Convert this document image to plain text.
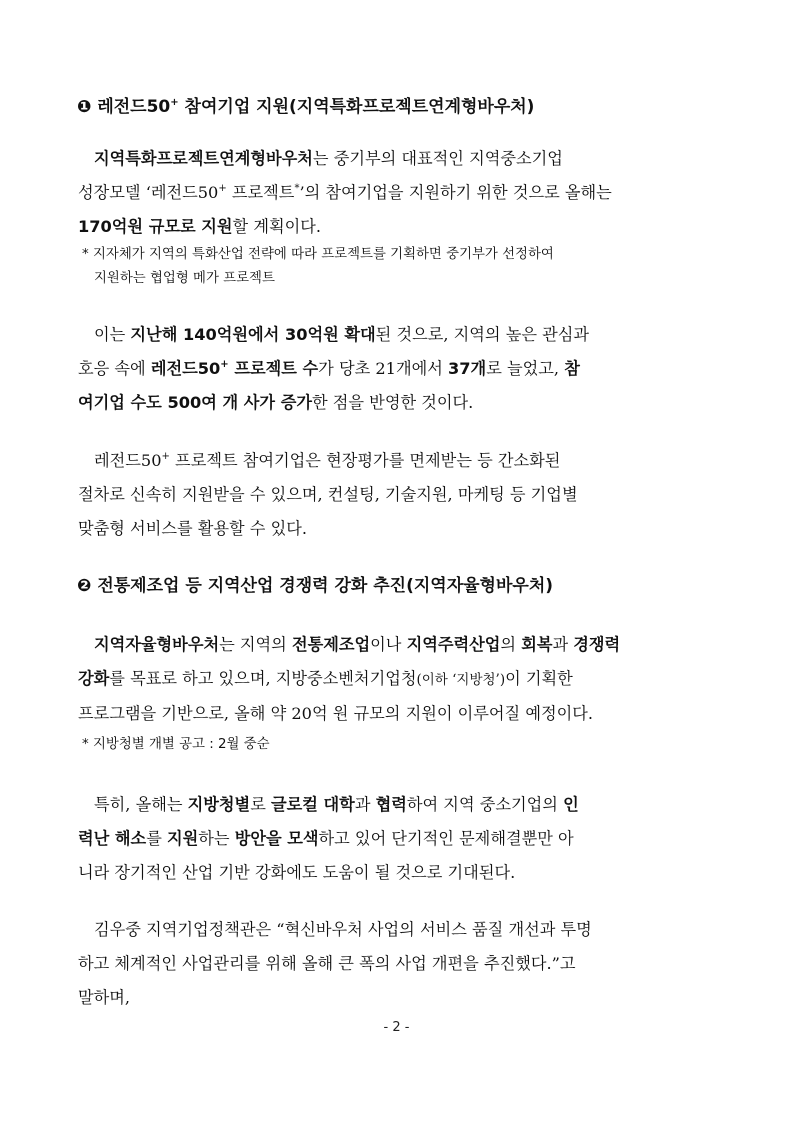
❶ 레전드50+ 참여기업 지원(지역특화프로젝트연계형바우처)
지역특화프로젝트연계형바우처는 중기부의 대표적인 지역중소기업
성장모델 ‘레전드50+ 프로젝트*’의 참여기업을 지원하기 위한 것으로 올해는
170억원 규모로 지원할 계획이다.
* 지자체가 지역의 특화산업 전략에 따라 프로젝트를 기획하면 중기부가 선정하여
지원하는 협업형 메가 프로젝트
이는 지난해 140억원에서 30억원 확대된 것으로, 지역의 높은 관심과
호응 속에 레전드50+ 프로젝트 수가 당초 21개에서 37개로 늘었고, 참
여기업 수도 500여 개 사가 증가한 점을 반영한 것이다.
레전드50+ 프로젝트 참여기업은 현장평가를 면제받는 등 간소화된
절차로 신속히 지원받을 수 있으며, 컨설팅, 기술지원, 마케팅 등 기업별
맞춤형 서비스를 활용할 수 있다.
❷ 전통제조업 등 지역산업 경쟁력 강화 추진(지역자율형바우처)
지역자율형바우처는 지역의 전통제조업이나 지역주력산업의 회복과 경쟁력
강화를 목표로 하고 있으며, 지방중소벤처기업청(이하 ‘지방청’)이 기획한
프로그램을 기반으로, 올해 약 20억 원 규모의 지원이 이루어질 예정이다.
* 지방청별 개별 공고 : 2월 중순
특히, 올해는 지방청별로 글로컬 대학과 협력하여 지역 중소기업의 인
력난 해소를 지원하는 방안을 모색하고 있어 단기적인 문제해결뿐만 아
니라 장기적인 산업 기반 강화에도 도움이 될 것으로 기대된다.
김우중 지역기업정책관은 “혁신바우처 사업의 서비스 품질 개선과 투명
하고 체계적인 사업관리를 위해 올해 큰 폭의 사업 개편을 추진했다.”고
말하며,
- 2 -
